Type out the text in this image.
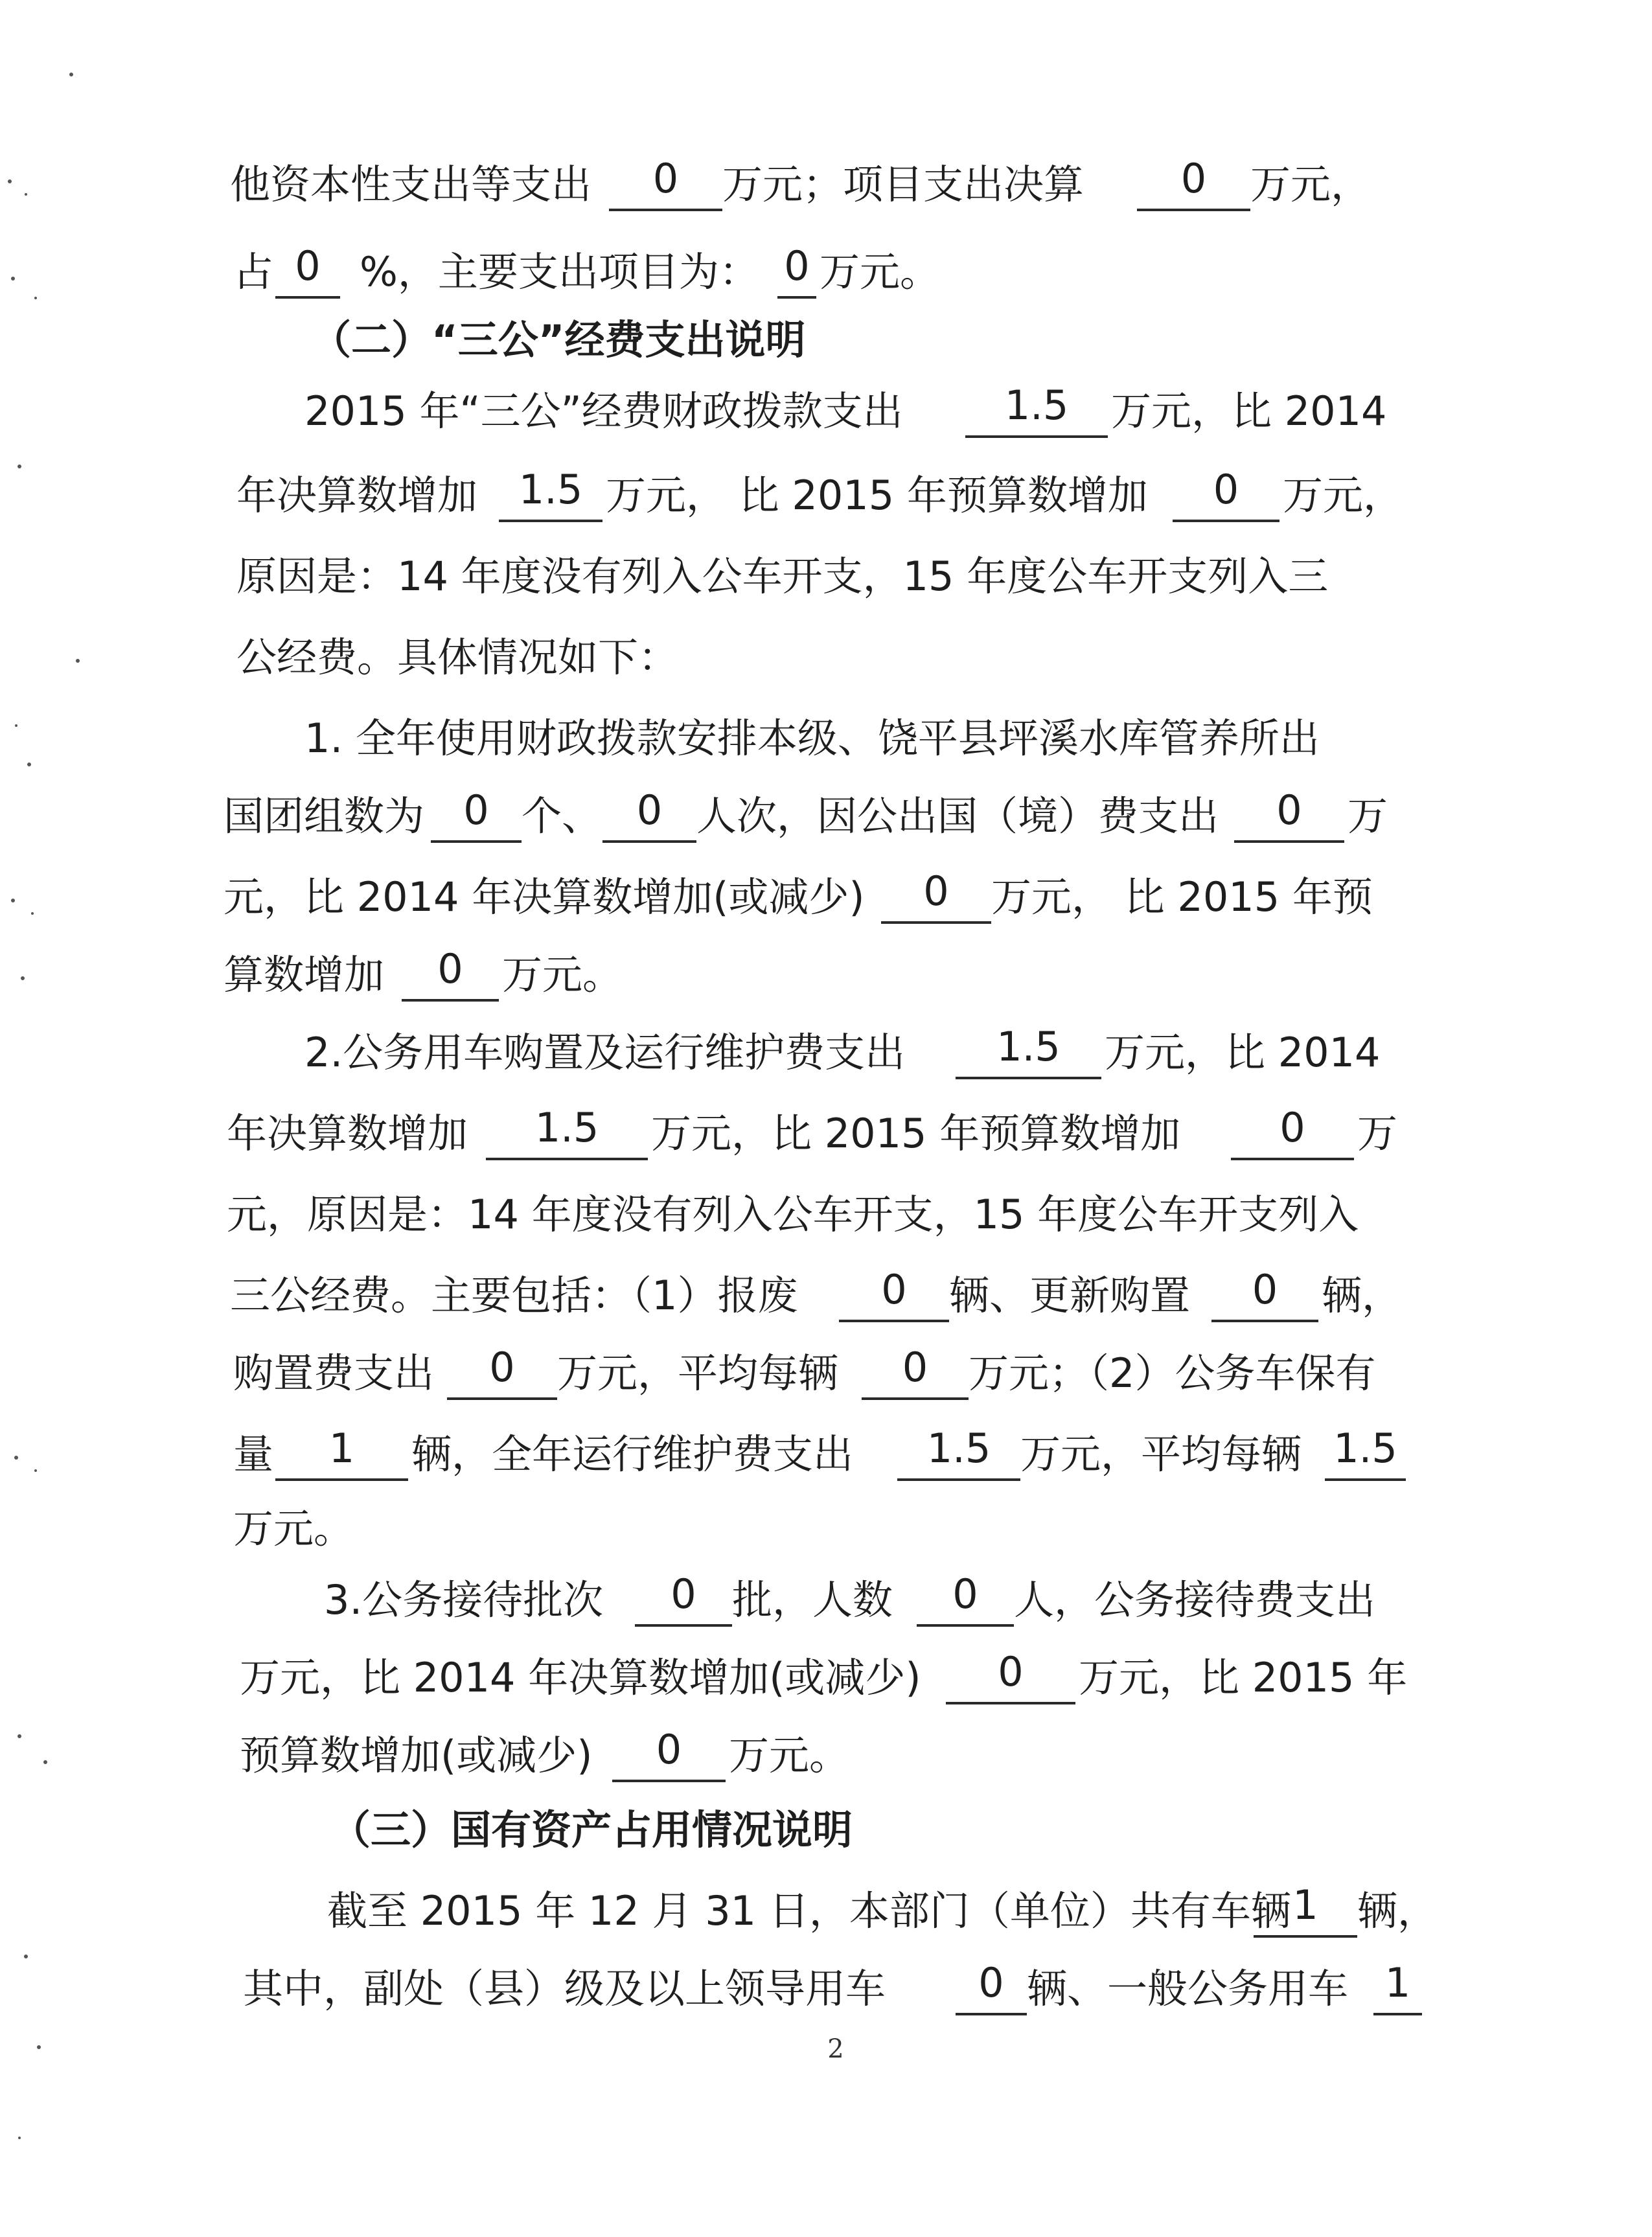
他资本性支出等支出	0	万元；项目支出决算	0	万元，
占 0 %，主要支出项目为： 0 万元。
（二）“三公”经费支出说明
2015 年“三公”经费财政拨款支出	1.5	万元，比 2014
年决算数增加	1.5 万元， 比 2015 年预算数增加	0	万元，
原因是：14 年度没有列入公车开支，15 年度公车开支列入三
公经费。具体情况如下：
1. 全年使用财政拨款安排本级、饶平县坪溪水库管养所出
国团组数为 0 个、 0 人次，因公出国（境）费支出	0	万
元，比 2014 年决算数增加(或减少)	0	万元， 比 2015 年预
算数增加	0 万元。
2.公务用车购置及运行维护费支出	1.5	万元，比 2014
年决算数增加	1.5	万元，比 2015 年预算数增加	0	万
元，原因是：14 年度没有列入公车开支，15 年度公车开支列入
三公经费。主要包括：（1）报废	0	辆、更新购置	0	辆，
购置费支出	0	万元，平均每辆	0	万元；（2）公务车保有
量	1	辆，全年运行维护费支出	1.5 万元，平均每辆 1.5
万元。
3.公务接待批次	0 批，人数	0 人，公务接待费支出
万元，比 2014 年决算数增加(或减少)	0	万元，比 2015 年
预算数增加(或减少)	0	万元。
（三）国有资产占用情况说明
截至 2015 年 12 月 31 日，本部门（单位）共有车辆 1 辆，
其中，副处（县）级及以上领导用车	0 辆、一般公务用车 1
2
